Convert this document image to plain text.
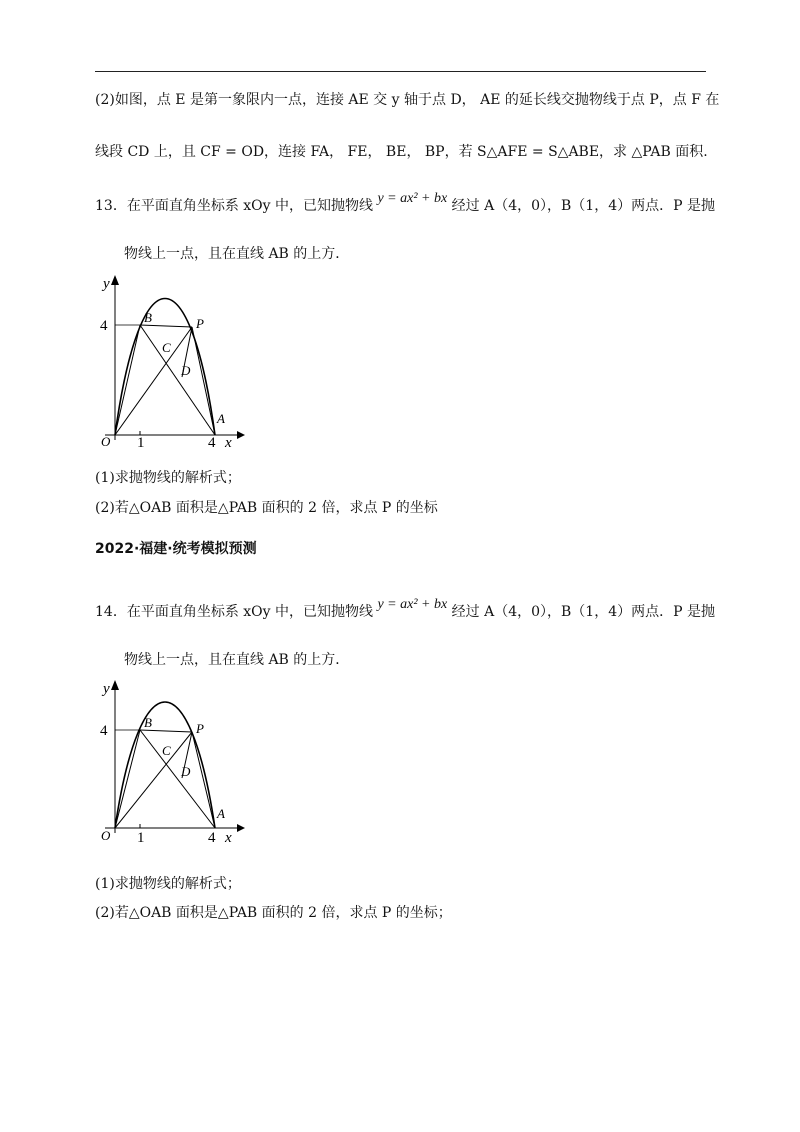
(2)如图，点 E 是第一象限内一点，连接 AE 交 y 轴于点 D， AE 的延长线交抛物线于点 P，点 F 在
线段 CD 上，且 CF = OD，连接 FA， FE， BE， BP，若 S△AFE = S△ABE，求 △PAB 面积.
13．在平面直角坐标系 xOy 中，已知抛物线 y = ax² + bx 经过 A（4，0），B（1，4）两点．P 是抛
物线上一点，且在直线 AB 的上方．
y
x
O
4
1	4
B	P
C
D
A
(1)求抛物线的解析式；
(2)若△OAB 面积是△PAB 面积的 2 倍，求点 P 的坐标
2022·福建·统考模拟预测
14．在平面直角坐标系 xOy 中，已知抛物线 y = ax² + bx 经过 A（4，0），B（1，4）两点．P 是抛
物线上一点，且在直线 AB 的上方．
y
x
O
4
1	4
B	P
C
D
A
(1)求抛物线的解析式；
(2)若△OAB 面积是△PAB 面积的 2 倍，求点 P 的坐标；
